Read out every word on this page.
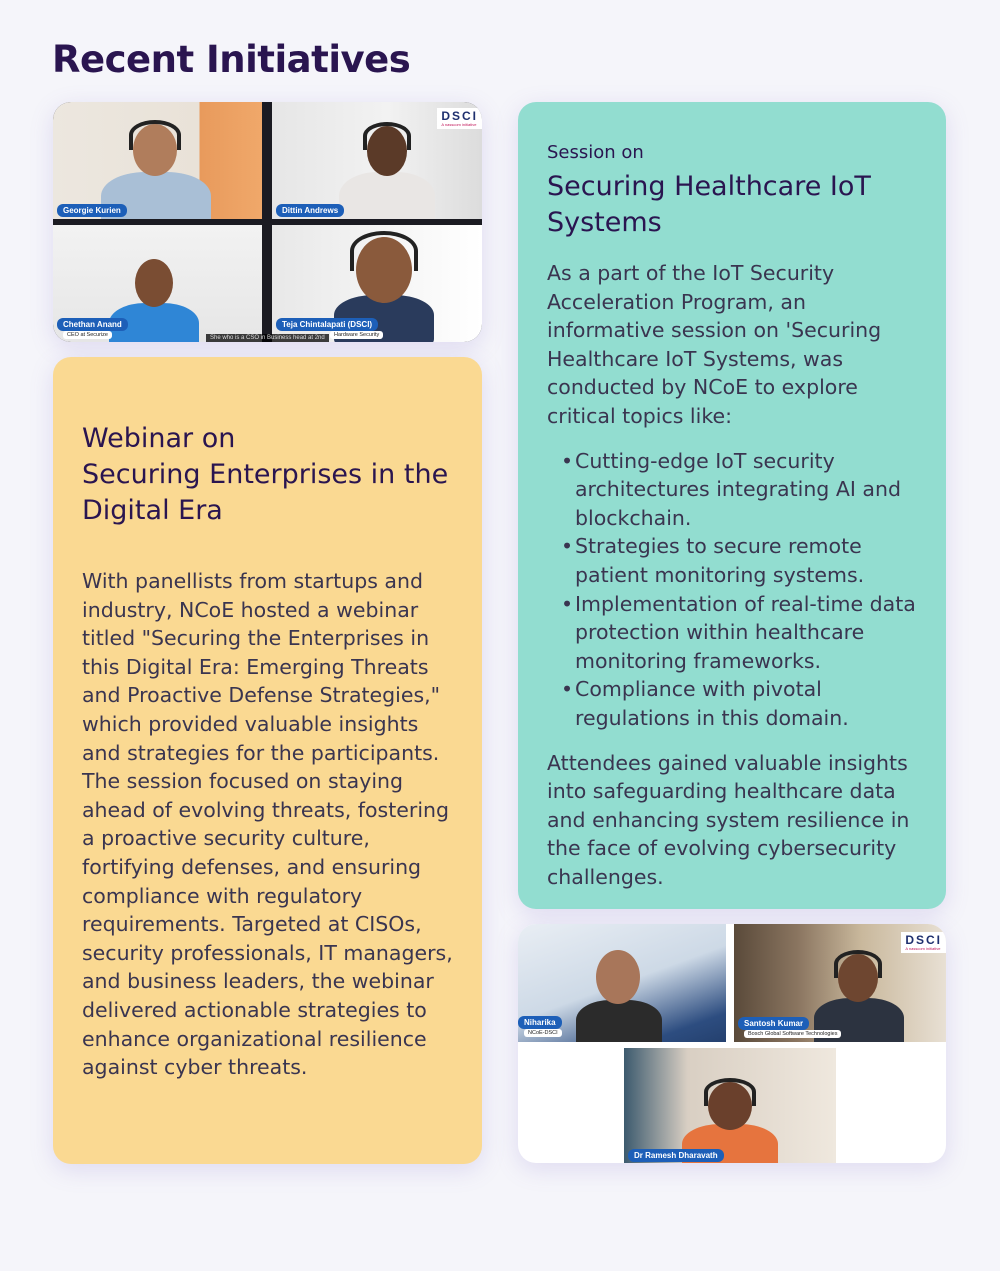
Recent Initiatives
Georgie Kurien
DSCI
A nasscom initiative
Dittin Andrews
Chethan Anand
CEO at Securize
Teja Chintalapati (DSCI)
Hardware Security
She who is a CSO in Business head at 2nd
Webinar on
Securing Enterprises in the Digital Era

With panellists from startups and industry, NCoE hosted a webinar titled "Securing the Enterprises in this Digital Era: Emerging Threats and Proactive Defense Strategies," which provided valuable insights and strategies for the participants. The session focused on staying ahead of evolving threats, fostering a proactive security culture, fortifying defenses, and ensuring compliance with regulatory requirements. Targeted at CISOs, security professionals, IT managers, and business leaders, the webinar delivered actionable strategies to enhance organizational resilience against cyber threats.

Session on
Securing Healthcare IoT Systems

As a part of the IoT Security Acceleration Program, an informative session on 'Securing Healthcare IoT Systems, was conducted by NCoE to explore critical topics like:

• Cutting-edge IoT security architectures integrating AI and blockchain.
• Strategies to secure remote patient monitoring systems.
• Implementation of real-time data protection within healthcare monitoring frameworks.
• Compliance with pivotal regulations in this domain.

Attendees gained valuable insights into safeguarding healthcare data and enhancing system resilience in the face of evolving cybersecurity challenges.

Niharika
NCoE-DSCI
DSCI
A nasscom initiative
Santosh Kumar
Bosch Global Software Technologies
Dr Ramesh Dharavath
